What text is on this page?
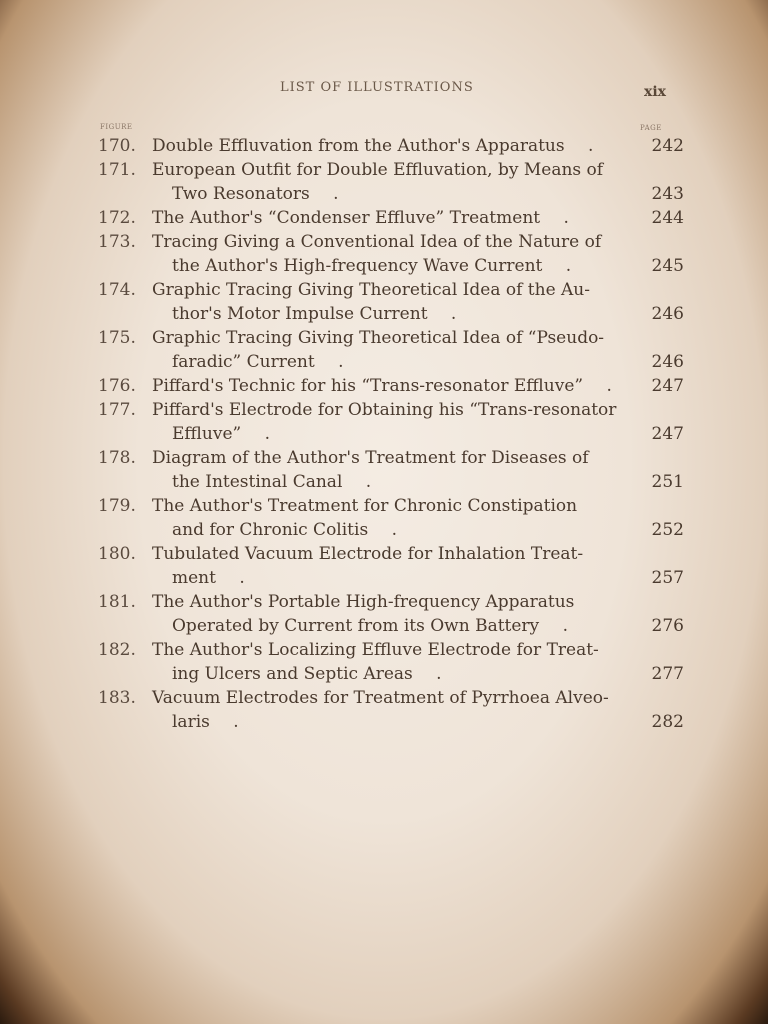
LIST OF ILLUSTRATIONS	xix
FIGURE	PAGE
170. Double Effluvation from the Author's Apparatus .	242
171. European Outfit for Double Effluvation, by Means of
Two Resonators .	243
172. The Author's “Condenser Effluve” Treatment .	244
173. Tracing Giving a Conventional Idea of the Nature of
the Author's High-frequency Wave Current .	245
174. Graphic Tracing Giving Theoretical Idea of the Au-
thor's Motor Impulse Current .	246
175. Graphic Tracing Giving Theoretical Idea of “Pseudo-
faradic” Current .	246
176. Piffard's Technic for his “Trans-resonator Effluve” .	247
177. Piffard's Electrode for Obtaining his “Trans-resonator
Effluve” .	247
178. Diagram of the Author's Treatment for Diseases of
the Intestinal Canal .	251
179. The Author's Treatment for Chronic Constipation
and for Chronic Colitis .	252
180. Tubulated Vacuum Electrode for Inhalation Treat-
ment .	257
181. The Author's Portable High-frequency Apparatus
Operated by Current from its Own Battery .	276
182. The Author's Localizing Effluve Electrode for Treat-
ing Ulcers and Septic Areas .	277
183. Vacuum Electrodes for Treatment of Pyrrhoea Alveo-
laris .	282
